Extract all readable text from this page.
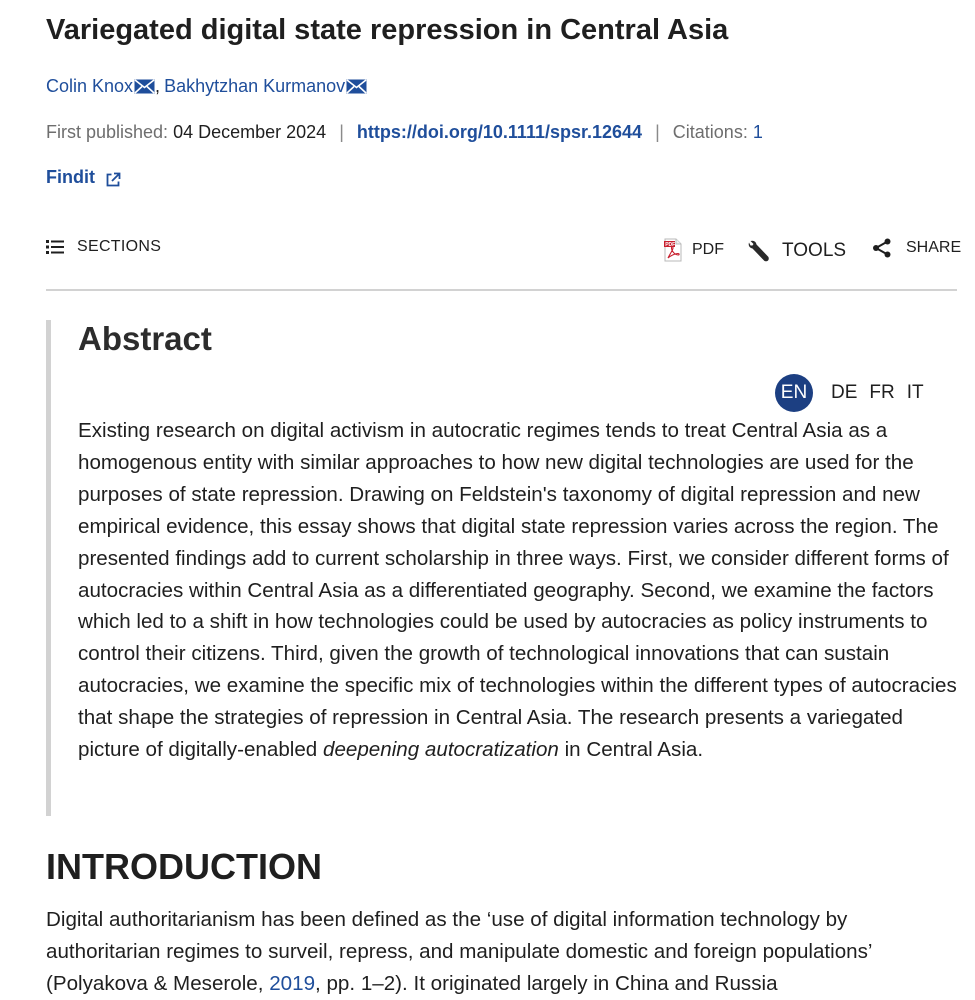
Variegated digital state repression in Central Asia
Colin Knox , Bakhytzhan Kurmanov
First published: 04 December 2024 | https://doi.org/10.1111/spsr.12644 | Citations: 1
Findit
SECTIONS	PDF PDF	TOOLS	SHARE
Abstract
EN	DE FR IT

Existing research on digital activism in autocratic regimes tends to treat Central Asia as a homogenous entity with similar approaches to how new digital technologies are used for the purposes of state repression. Drawing on Feldstein's taxonomy of digital repression and new empirical evidence, this essay shows that digital state repression varies across the region. The presented findings add to current scholarship in three ways. First, we consider different forms of autocracies within Central Asia as a differentiated geography. Second, we examine the factors which led to a shift in how technologies could be used by autocracies as policy instruments to control their citizens. Third, given the growth of technological innovations that can sustain autocracies, we examine the specific mix of technologies within the different types of autocracies that shape the strategies of repression in Central Asia. The research presents a variegated picture of digitally-enabled deepening autocratization in Central Asia.

INTRODUCTION

Digital authoritarianism has been defined as the ‘use of digital information technology by authoritarian regimes to surveil, repress, and manipulate domestic and foreign populations’ (Polyakova & Meserole, 2019, pp. 1–2). It originated largely in China and Russia
